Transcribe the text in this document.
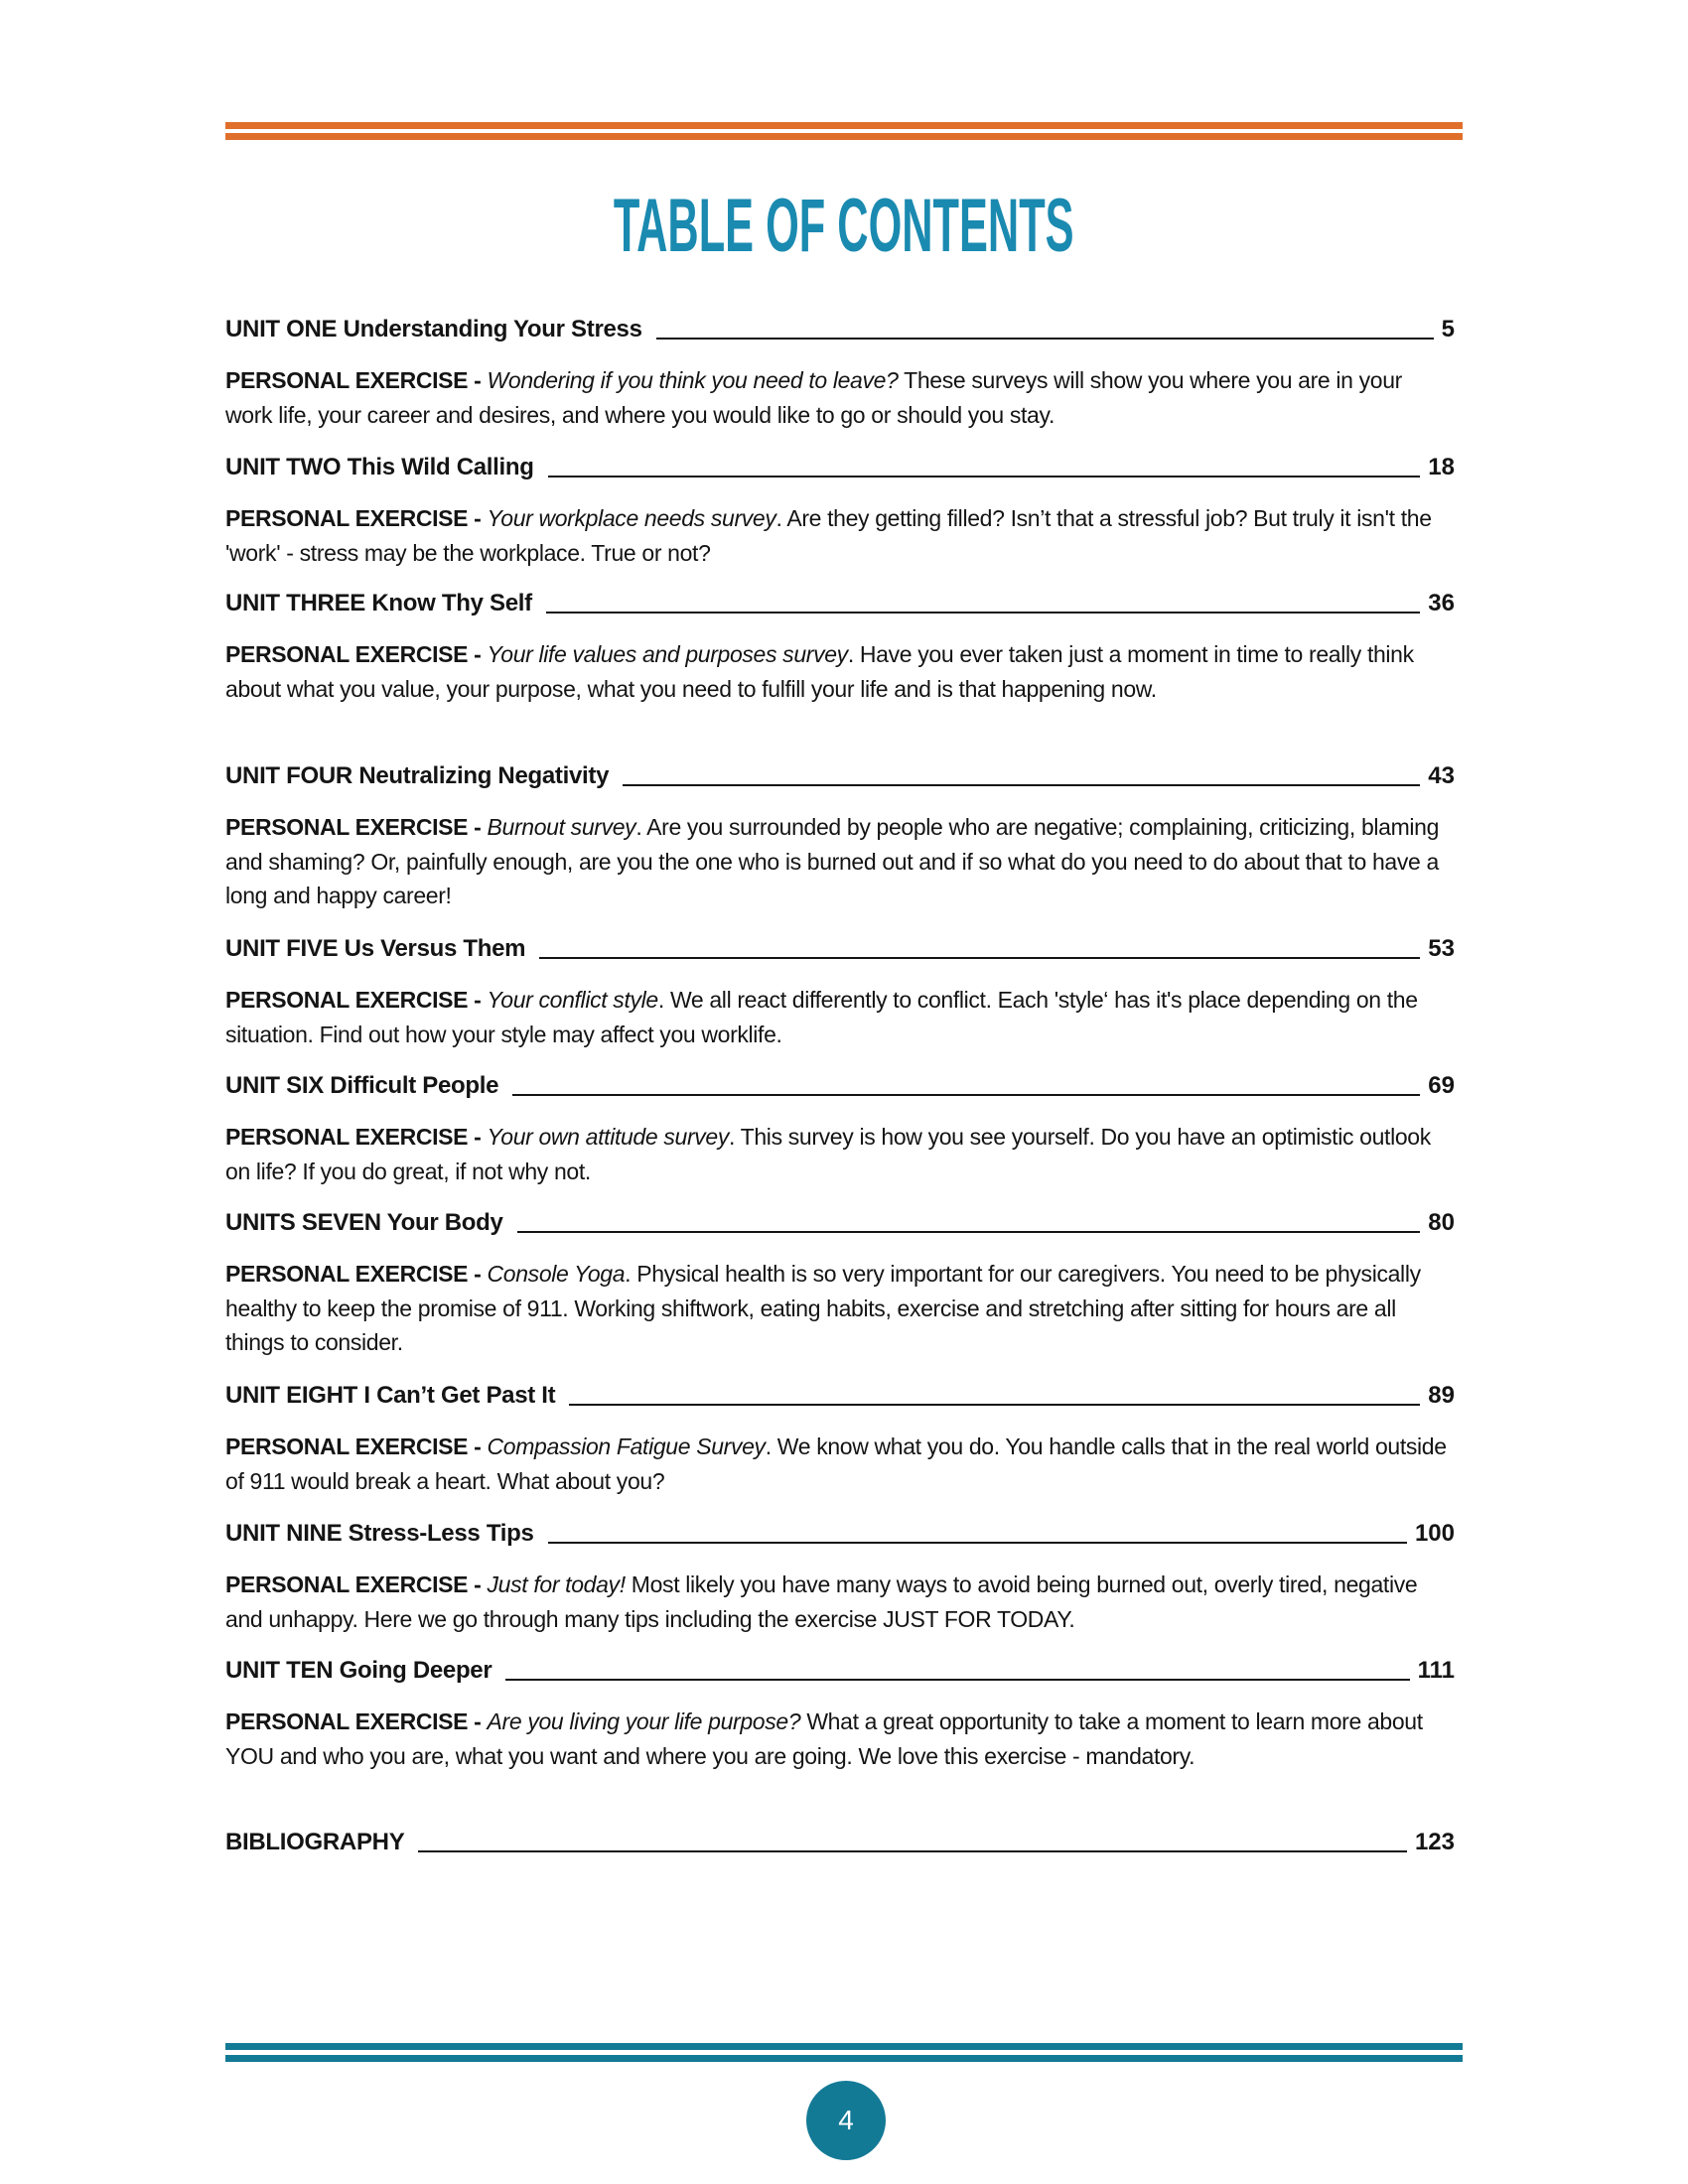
TABLE OF CONTENTS
UNIT ONE Understanding Your Stress	5
PERSONAL EXERCISE - Wondering if you think you need to leave? These surveys will show you where you are in your work life, your career and desires, and where you would like to go or should you stay.
UNIT TWO This Wild Calling	18
PERSONAL EXERCISE - Your workplace needs survey. Are they getting filled? Isn’t that a stressful job? But truly it isn't the 'work' - stress may be the workplace. True or not?
UNIT THREE Know Thy Self	36
PERSONAL EXERCISE - Your life values and purposes survey. Have you ever taken just a moment in time to really think about what you value, your purpose, what you need to fulfill your life and is that happening now.
UNIT FOUR Neutralizing Negativity	43
PERSONAL EXERCISE - Burnout survey. Are you surrounded by people who are negative; complaining, criticizing, blaming and shaming? Or, painfully enough, are you the one who is burned out and if so what do you need to do about that to have a long and happy career!
UNIT FIVE Us Versus Them	53
PERSONAL EXERCISE - Your conflict style. We all react differently to conflict. Each 'style‘ has it's place depending on the situation. Find out how your style may affect you worklife.
UNIT SIX Difficult People	69
PERSONAL EXERCISE - Your own attitude survey. This survey is how you see yourself. Do you have an optimistic outlook on life? If you do great, if not why not.
UNITS SEVEN Your Body	80
PERSONAL EXERCISE - Console Yoga. Physical health is so very important for our caregivers. You need to be physically healthy to keep the promise of 911. Working shiftwork, eating habits, exercise and stretching after sitting for hours are all things to consider.
UNIT EIGHT I Can’t Get Past It	89
PERSONAL EXERCISE - Compassion Fatigue Survey. We know what you do. You handle calls that in the real world outside of 911 would break a heart. What about you?
UNIT NINE Stress-Less Tips	100
PERSONAL EXERCISE - Just for today! Most likely you have many ways to avoid being burned out, overly tired, negative and unhappy. Here we go through many tips including the exercise JUST FOR TODAY.
UNIT TEN Going Deeper	111
PERSONAL EXERCISE - Are you living your life purpose? What a great opportunity to take a moment to learn more about YOU and who you are, what you want and where you are going. We love this exercise - mandatory.
BIBLIOGRAPHY	123
4
